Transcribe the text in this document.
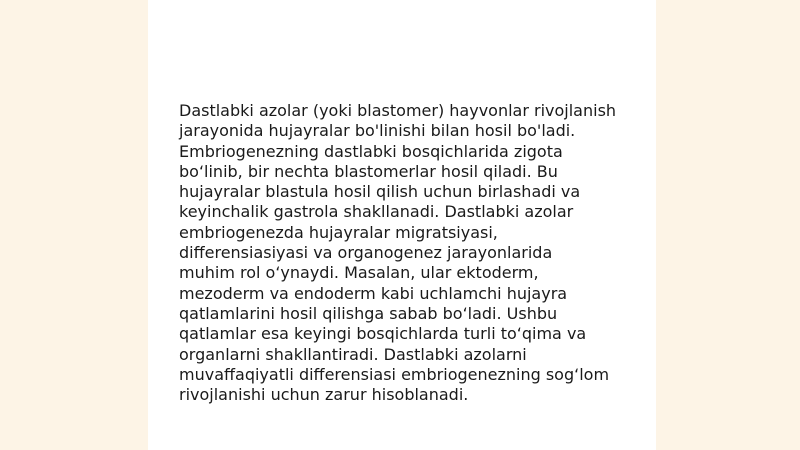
Dastlabki azolar (yoki blastomer) hayvonlar rivojlanish
jarayonida hujayralar bo'linishi bilan hosil bo'ladi.
Embriogenezning dastlabki bosqichlarida zigota
bo‘linib, bir nechta blastomerlar hosil qiladi. Bu
hujayralar blastula hosil qilish uchun birlashadi va
keyinchalik gastrola shakllanadi. Dastlabki azolar
embriogenezda hujayralar migratsiyasi,
differensiasiyasi va organogenez jarayonlarida
muhim rol o‘ynaydi. Masalan, ular ektoderm,
mezoderm va endoderm kabi uchlamchi hujayra
qatlamlarini hosil qilishga sabab bo‘ladi. Ushbu
qatlamlar esa keyingi bosqichlarda turli to‘qima va
organlarni shakllantiradi. Dastlabki azolarni
muvaffaqiyatli differensiasi embriogenezning sog‘lom
rivojlanishi uchun zarur hisoblanadi.
